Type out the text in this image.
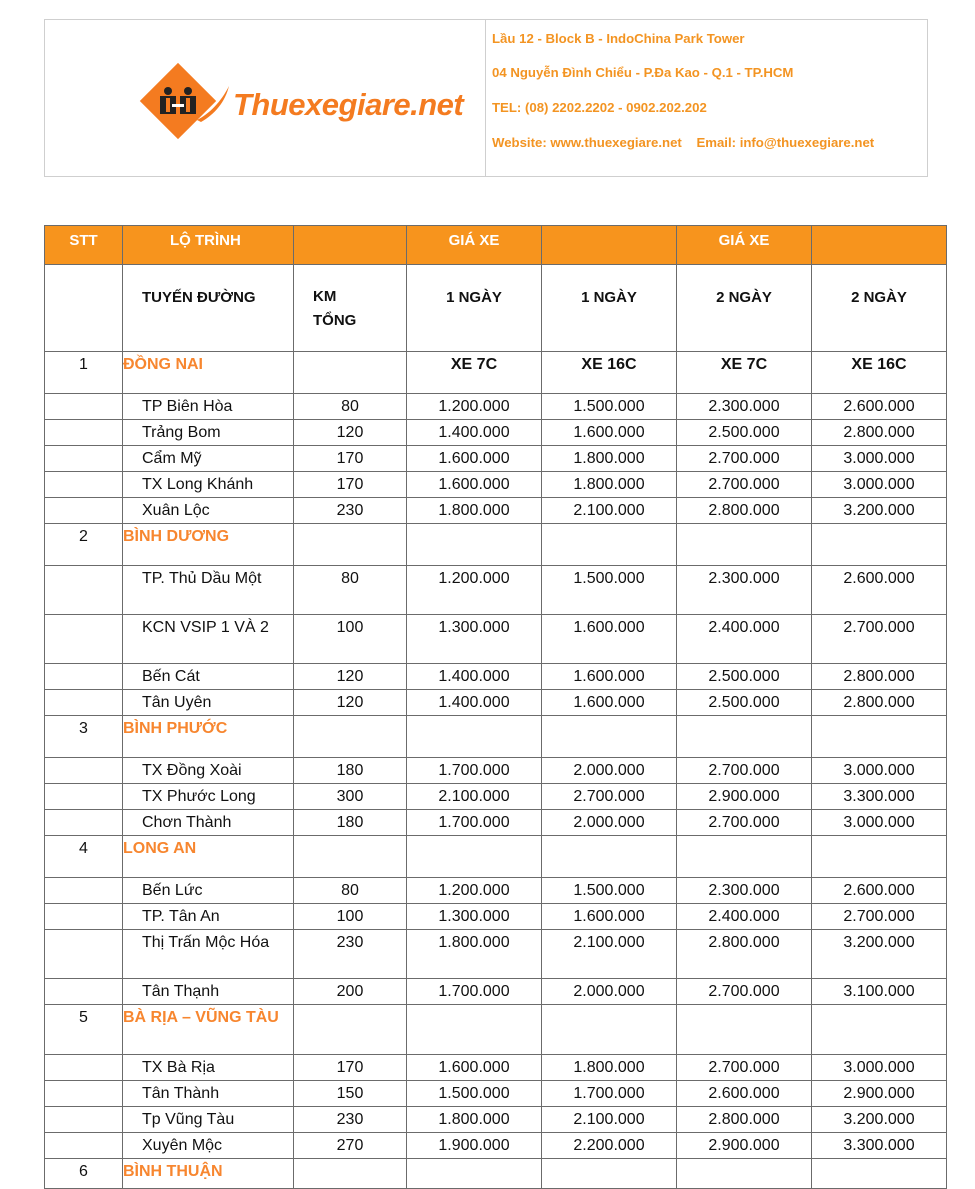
Thuexegiare.net
Lầu 12 - Block B - IndoChina Park Tower
04 Nguyễn Đình Chiểu - P.Đa Kao - Q.1 - TP.HCM
TEL: (08) 2202.2202 - 0902.202.202
Website: www.thuexegiare.net    Email: info@thuexegiare.net
STT	LỘ TRÌNH		GIÁ XE		GIÁ XE	

	TUYẾN ĐƯỜNG	KM TỔNG	1 NGÀY	1 NGÀY	2 NGÀY	2 NGÀY
1	ĐỒNG NAI		XE 7C	XE 16C	XE 7C	XE 16C
	TP Biên Hòa	80	1.200.000	1.500.000	2.300.000	2.600.000
	Trảng Bom	120	1.400.000	1.600.000	2.500.000	2.800.000
	Cẩm Mỹ	170	1.600.000	1.800.000	2.700.000	3.000.000
	TX Long Khánh	170	1.600.000	1.800.000	2.700.000	3.000.000
	Xuân Lộc	230	1.800.000	2.100.000	2.800.000	3.200.000
2	BÌNH DƯƠNG					
	TP. Thủ Dầu Một	80	1.200.000	1.500.000	2.300.000	2.600.000
	KCN VSIP 1 VÀ 2	100	1.300.000	1.600.000	2.400.000	2.700.000
	Bến Cát	120	1.400.000	1.600.000	2.500.000	2.800.000
	Tân Uyên	120	1.400.000	1.600.000	2.500.000	2.800.000
3	BÌNH PHƯỚC					
	TX Đồng Xoài	180	1.700.000	2.000.000	2.700.000	3.000.000
	TX Phước Long	300	2.100.000	2.700.000	2.900.000	3.300.000
	Chơn Thành	180	1.700.000	2.000.000	2.700.000	3.000.000
4	LONG AN					
	Bến Lức	80	1.200.000	1.500.000	2.300.000	2.600.000
	TP. Tân An	100	1.300.000	1.600.000	2.400.000	2.700.000
	Thị Trấn Mộc Hóa	230	1.800.000	2.100.000	2.800.000	3.200.000
	Tân Thạnh	200	1.700.000	2.000.000	2.700.000	3.100.000
5	BÀ RỊA – VŨNG TÀU					
	TX Bà Rịa	170	1.600.000	1.800.000	2.700.000	3.000.000
	Tân Thành	150	1.500.000	1.700.000	2.600.000	2.900.000
	Tp Vũng Tàu	230	1.800.000	2.100.000	2.800.000	3.200.000
	Xuyên Mộc	270	1.900.000	2.200.000	2.900.000	3.300.000
6	BÌNH THUẬN					
